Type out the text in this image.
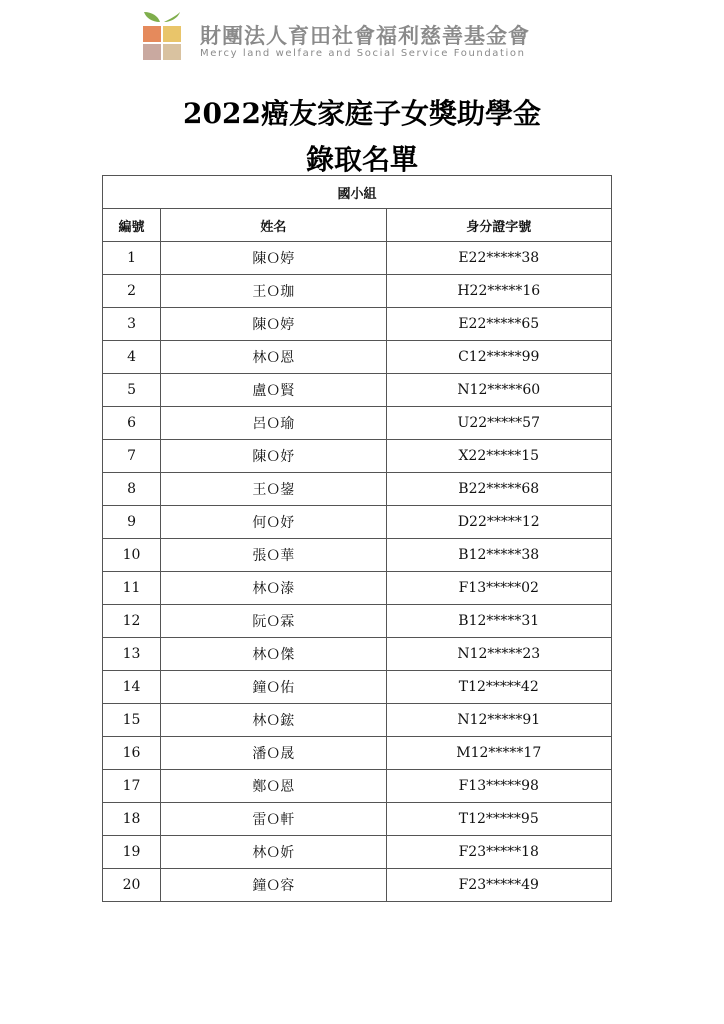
財團法人育田社會福利慈善基金會
Mercy land welfare and Social Service Foundation
2022癌友家庭子女獎助學金
錄取名單
國小組		
編號	姓名	身分證字號
1	陳Ｏ婷	E22*****38
2	王Ｏ珈	H22*****16
3	陳Ｏ婷	E22*****65
4	林Ｏ恩	C12*****99
5	盧Ｏ賢	N12*****60
6	呂Ｏ瑜	U22*****57
7	陳Ｏ妤	X22*****15
8	王Ｏ鋆	B22*****68
9	何Ｏ妤	D22*****12
10	張Ｏ華	B12*****38
11	林Ｏ溙	F13*****02
12	阮Ｏ霖	B12*****31
13	林Ｏ傑	N12*****23
14	鐘Ｏ佑	T12*****42
15	林Ｏ鋐	N12*****91
16	潘Ｏ晟	M12*****17
17	鄭Ｏ恩	F13*****98
18	雷Ｏ軒	T12*****95
19	林Ｏ妡	F23*****18
20	鐘Ｏ容	F23*****49
